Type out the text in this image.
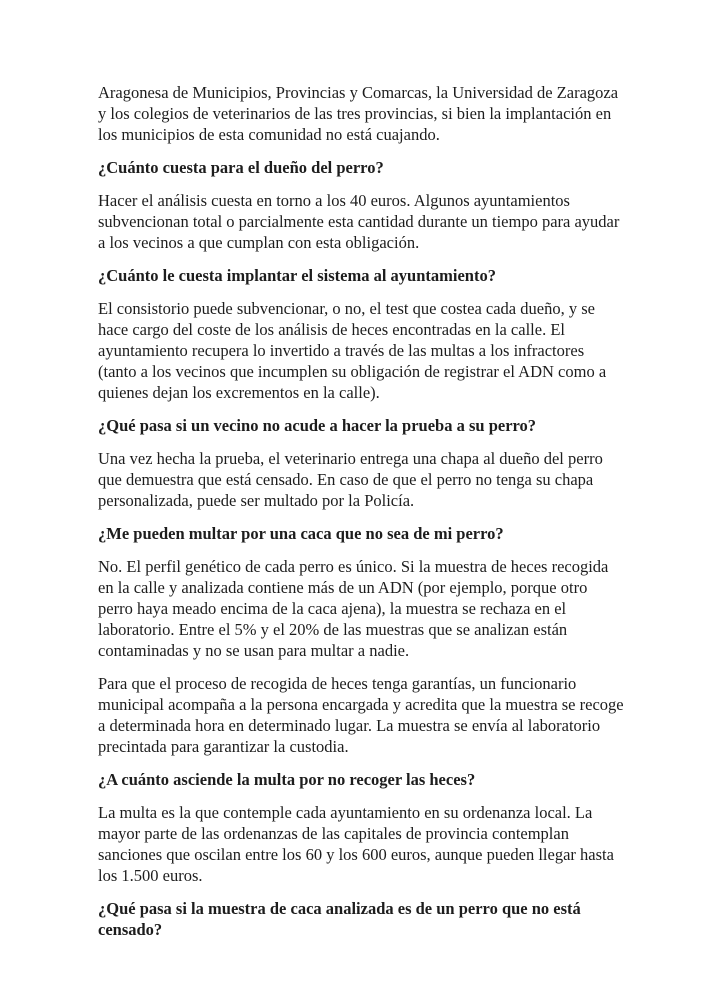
Aragonesa de Municipios, Provincias y Comarcas, la Universidad de Zaragoza y los colegios de veterinarios de las tres provincias, si bien la implantación en los municipios de esta comunidad no está cuajando.

¿Cuánto cuesta para el dueño del perro?

Hacer el análisis cuesta en torno a los 40 euros. Algunos ayuntamientos subvencionan total o parcialmente esta cantidad durante un tiempo para ayudar a los vecinos a que cumplan con esta obligación.

¿Cuánto le cuesta implantar el sistema al ayuntamiento?

El consistorio puede subvencionar, o no, el test que costea cada dueño, y se hace cargo del coste de los análisis de heces encontradas en la calle. El ayuntamiento recupera lo invertido a través de las multas a los infractores (tanto a los vecinos que incumplen su obligación de registrar el ADN como a quienes dejan los excrementos en la calle).

¿Qué pasa si un vecino no acude a hacer la prueba a su perro?

Una vez hecha la prueba, el veterinario entrega una chapa al dueño del perro que demuestra que está censado. En caso de que el perro no tenga su chapa personalizada, puede ser multado por la Policía.

¿Me pueden multar por una caca que no sea de mi perro?

No. El perfil genético de cada perro es único. Si la muestra de heces recogida en la calle y analizada contiene más de un ADN (por ejemplo, porque otro perro haya meado encima de la caca ajena), la muestra se rechaza en el laboratorio. Entre el 5% y el 20% de las muestras que se analizan están contaminadas y no se usan para multar a nadie.

Para que el proceso de recogida de heces tenga garantías, un funcionario municipal acompaña a la persona encargada y acredita que la muestra se recoge a determinada hora en determinado lugar. La muestra se envía al laboratorio precintada para garantizar la custodia.

¿A cuánto asciende la multa por no recoger las heces?

La multa es la que contemple cada ayuntamiento en su ordenanza local. La mayor parte de las ordenanzas de las capitales de provincia contemplan sanciones que oscilan entre los 60 y los 600 euros, aunque pueden llegar hasta los 1.500 euros.

¿Qué pasa si la muestra de caca analizada es de un perro que no está censado?
